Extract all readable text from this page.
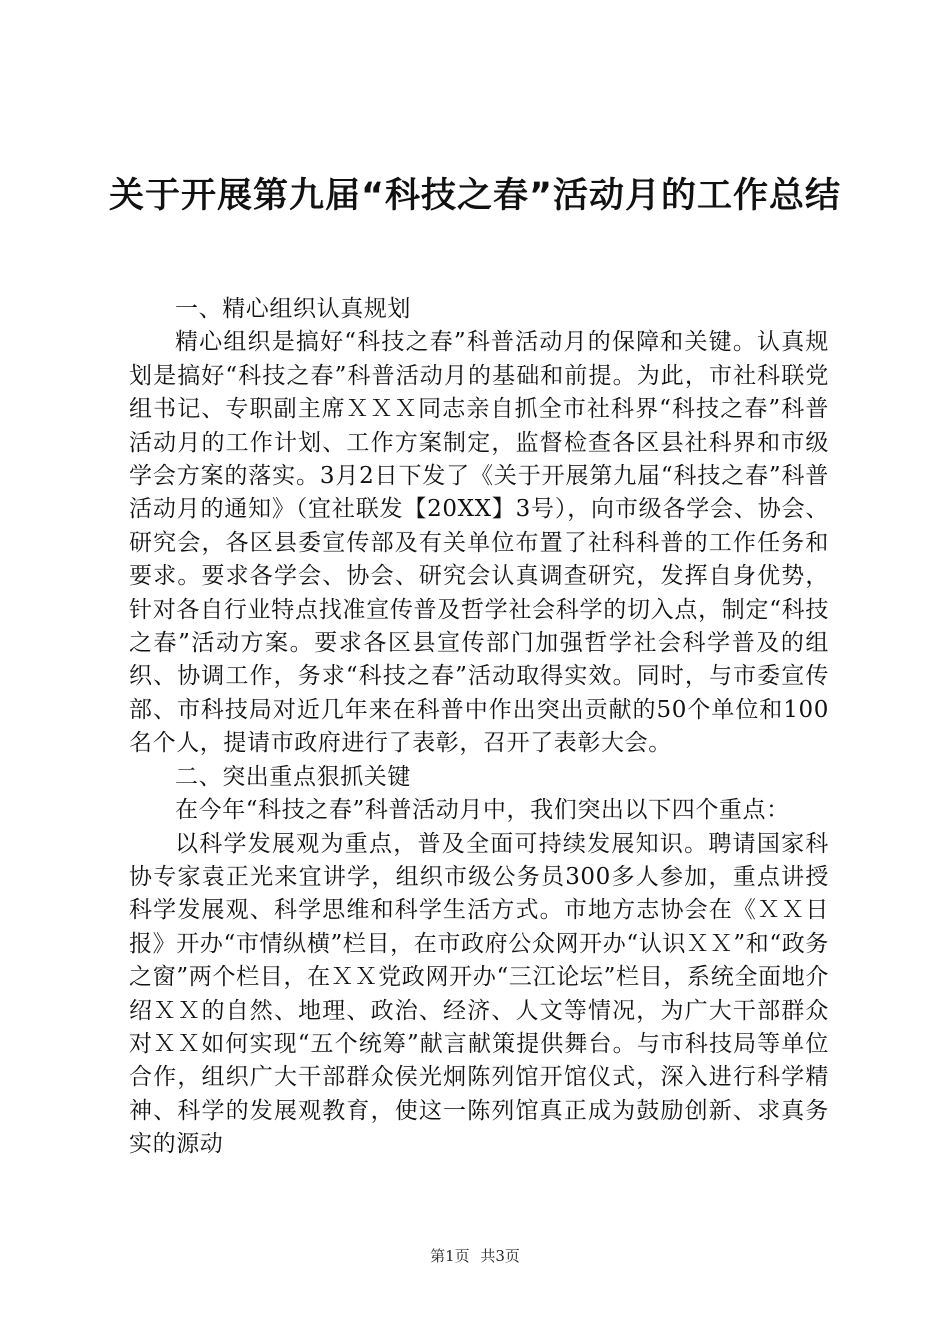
关于开展第九届“科技之春”活动月的工作总结

一、精心组织认真规划

精心组织是搞好“科技之春”科普活动月的保障和关键。认真规划是搞好“科技之春”科普活动月的基础和前提。为此，市社科联党组书记、专职副主席ＸＸＸ同志亲自抓全市社科界“科技之春”科普活动月的工作计划、工作方案制定，监督检查各区县社科界和市级学会方案的落实。3月2日下发了《关于开展第九届“科技之春”科普活动月的通知》（宜社联发【20XX】3号），向市级各学会、协会、研究会，各区县委宣传部及有关单位布置了社科科普的工作任务和要求。要求各学会、协会、研究会认真调查研究，发挥自身优势，针对各自行业特点找准宣传普及哲学社会科学的切入点，制定“科技之春”活动方案。要求各区县宣传部门加强哲学社会科学普及的组织、协调工作，务求“科技之春”活动取得实效。同时，与市委宣传部、市科技局对近几年来在科普中作出突出贡献的50个单位和100名个人，提请市政府进行了表彰，召开了表彰大会。

二、突出重点狠抓关键

在今年“科技之春”科普活动月中，我们突出以下四个重点：

以科学发展观为重点，普及全面可持续发展知识。聘请国家科协专家袁正光来宜讲学，组织市级公务员300多人参加，重点讲授科学发展观、科学思维和科学生活方式。市地方志协会在《ＸＸ日报》开办“市情纵横”栏目，在市政府公众网开办“认识ＸＸ”和“政务之窗”两个栏目，在ＸＸ党政网开办“三江论坛”栏目，系统全面地介绍ＸＸ的自然、地理、政治、经济、人文等情况，为广大干部群众对ＸＸ如何实现“五个统筹”献言献策提供舞台。与市科技局等单位合作，组织广大干部群众侯光炯陈列馆开馆仪式，深入进行科学精神、科学的发展观教育，使这一陈列馆真正成为鼓励创新、求真务实的源动

第1页 共3页
